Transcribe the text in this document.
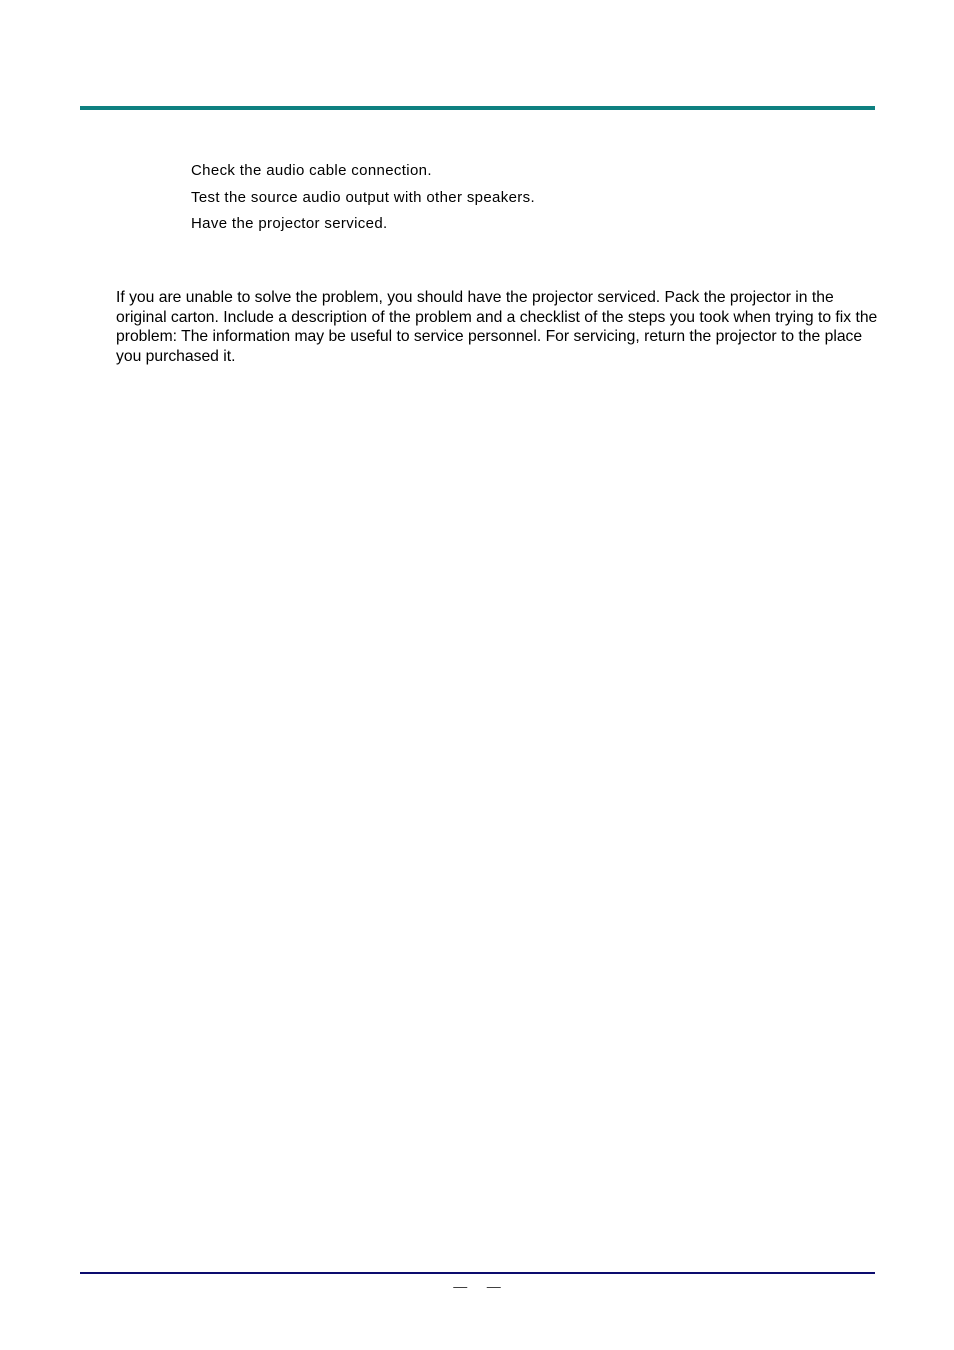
Check the audio cable connection.
Test the source audio output with other speakers.
Have the projector serviced.

If you are unable to solve the problem, you should have the projector serviced. Pack the projector in the original carton. Include a description of the problem and a checklist of the steps you took when trying to fix the problem: The information may be useful to service personnel. For servicing, return the projector to the place you purchased it.

—     —
